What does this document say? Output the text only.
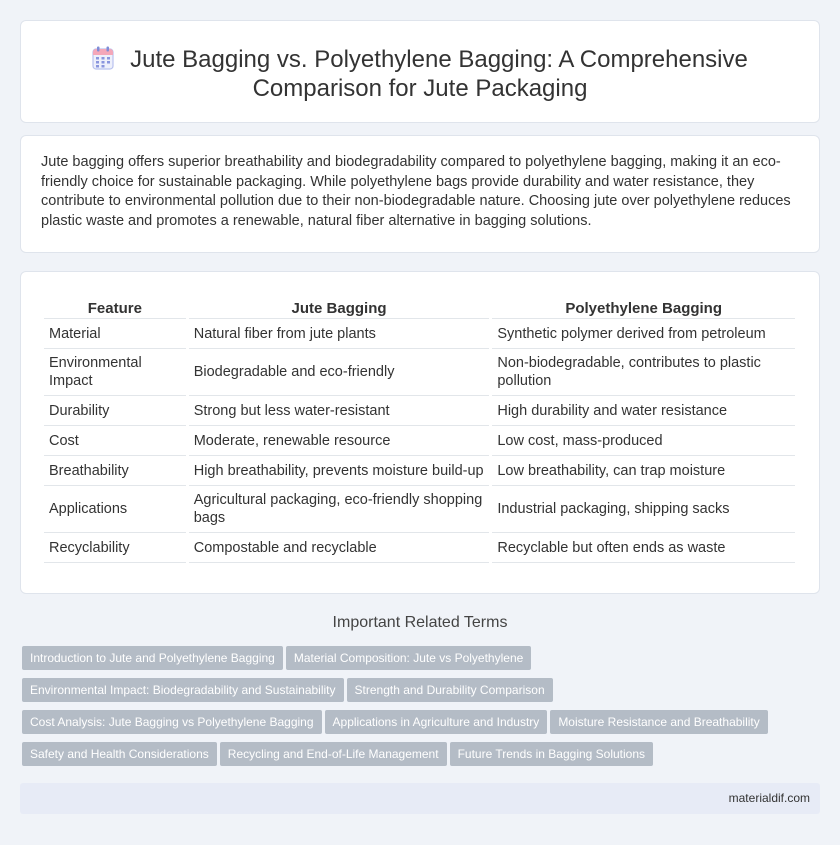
Jute Bagging vs. Polyethylene Bagging: A Comprehensive
Comparison for Jute Packaging

Jute bagging offers superior breathability and biodegradability compared to polyethylene bagging, making it an eco-friendly choice for sustainable packaging. While polyethylene bags provide durability and water resistance, they contribute to environmental pollution due to their non-biodegradable nature. Choosing jute over polyethylene reduces plastic waste and promotes a renewable, natural fiber alternative in bagging solutions.

Feature	Jute Bagging	Polyethylene Bagging
Material	Natural fiber from jute plants	Synthetic polymer derived from petroleum
Environmental Impact	Biodegradable and eco-friendly	Non-biodegradable, contributes to plastic pollution
Durability	Strong but less water-resistant	High durability and water resistance
Cost	Moderate, renewable resource	Low cost, mass-produced
Breathability	High breathability, prevents moisture build-up	Low breathability, can trap moisture
Applications	Agricultural packaging, eco-friendly shopping bags	Industrial packaging, shipping sacks
Recyclability	Compostable and recyclable	Recyclable but often ends as waste
Important Related Terms
Introduction to Jute and Polyethylene Bagging Material Composition: Jute vs Polyethylene
Environmental Impact: Biodegradability and Sustainability Strength and Durability Comparison
Cost Analysis: Jute Bagging vs Polyethylene Bagging Applications in Agriculture and Industry Moisture Resistance and Breathability
Safety and Health Considerations Recycling and End-of-Life Management Future Trends in Bagging Solutions
materialdif.com
